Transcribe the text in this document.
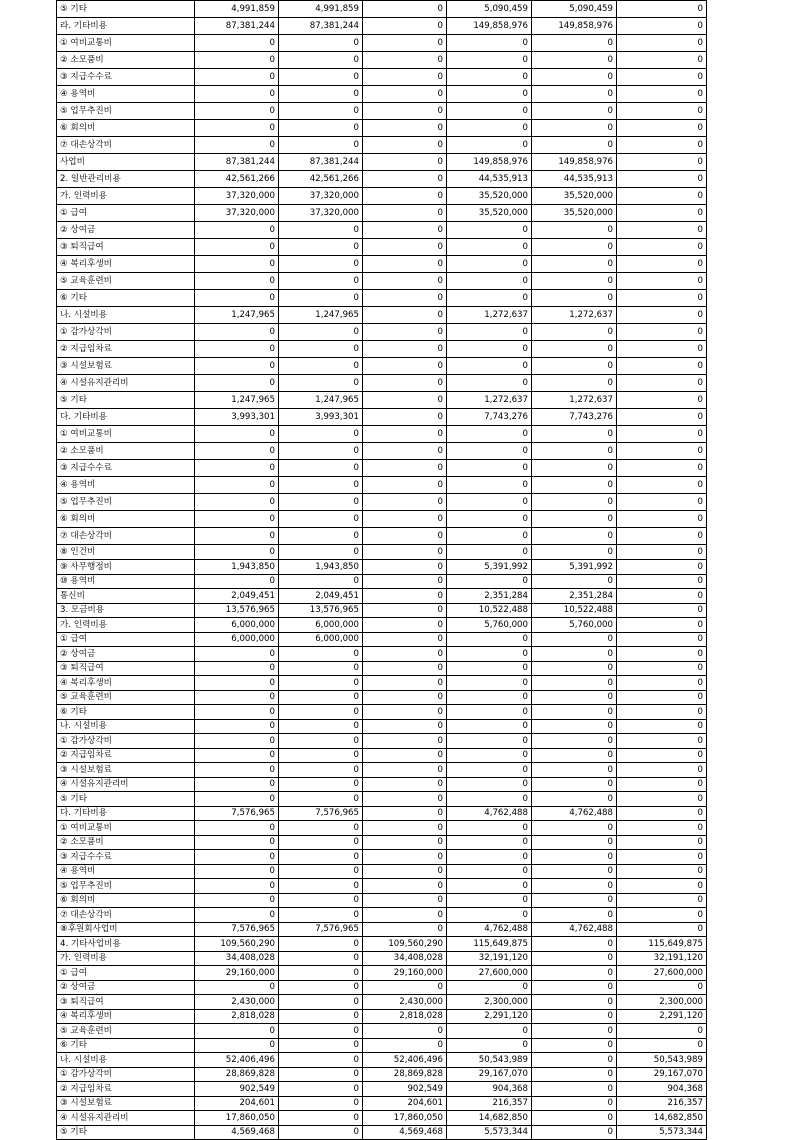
⑤ 기타	4,991,859	4,991,859	0	5,090,459	5,090,459	0
라. 기타비용	87,381,244	87,381,244	0	149,858,976	149,858,976	0
① 여비교통비	0	0	0	0	0	0
② 소모품비	0	0	0	0	0	0
③ 지급수수료	0	0	0	0	0	0
④ 용역비	0	0	0	0	0	0
⑤ 업무추진비	0	0	0	0	0	0
⑥ 회의비	0	0	0	0	0	0
⑦ 대손상각비	0	0	0	0	0	0
사업비	87,381,244	87,381,244	0	149,858,976	149,858,976	0
2. 일반관리비용	42,561,266	42,561,266	0	44,535,913	44,535,913	0
가. 인력비용	37,320,000	37,320,000	0	35,520,000	35,520,000	0
① 급여	37,320,000	37,320,000	0	35,520,000	35,520,000	0
② 상여금	0	0	0	0	0	0
③ 퇴직급여	0	0	0	0	0	0
④ 복리후생비	0	0	0	0	0	0
⑤ 교육훈련비	0	0	0	0	0	0
⑥ 기타	0	0	0	0	0	0
나. 시설비용	1,247,965	1,247,965	0	1,272,637	1,272,637	0
① 감가상각비	0	0	0	0	0	0
② 지급임차료	0	0	0	0	0	0
③ 시설보험료	0	0	0	0	0	0
④ 시설유지관리비	0	0	0	0	0	0
⑤ 기타	1,247,965	1,247,965	0	1,272,637	1,272,637	0
다. 기타비용	3,993,301	3,993,301	0	7,743,276	7,743,276	0
① 여비교통비	0	0	0	0	0	0
② 소모품비	0	0	0	0	0	0
③ 지급수수료	0	0	0	0	0	0
④ 용역비	0	0	0	0	0	0
⑤ 업무추진비	0	0	0	0	0	0
⑥ 회의비	0	0	0	0	0	0
⑦ 대손상각비	0	0	0	0	0	0
⑧ 인건비	0	0	0	0	0	0
⑨ 사무행정비	1,943,850	1,943,850	0	5,391,992	5,391,992	0
⑩ 용역비	0	0	0	0	0	0
통신비	2,049,451	2,049,451	0	2,351,284	2,351,284	0
3. 모금비용	13,576,965	13,576,965	0	10,522,488	10,522,488	0
가. 인력비용	6,000,000	6,000,000	0	5,760,000	5,760,000	0
① 급여	6,000,000	6,000,000	0	0	0	0
② 상여금	0	0	0	0	0	0
③ 퇴직급여	0	0	0	0	0	0
④ 복리후생비	0	0	0	0	0	0
⑤ 교육훈련비	0	0	0	0	0	0
⑥ 기타	0	0	0	0	0	0
나. 시설비용	0	0	0	0	0	0
① 감가상각비	0	0	0	0	0	0
② 지급임차료	0	0	0	0	0	0
③ 시설보험료	0	0	0	0	0	0
④ 시설유지관리비	0	0	0	0	0	0
⑤ 기타	0	0	0	0	0	0
다. 기타비용	7,576,965	7,576,965	0	4,762,488	4,762,488	0
① 여비교통비	0	0	0	0	0	0
② 소모품비	0	0	0	0	0	0
③ 지급수수료	0	0	0	0	0	0
④ 용역비	0	0	0	0	0	0
⑤ 업무추진비	0	0	0	0	0	0
⑥ 회의비	0	0	0	0	0	0
⑦ 대손상각비	0	0	0	0	0	0
⑧후원회사업비	7,576,965	7,576,965	0	4,762,488	4,762,488	0
4. 기타사업비용	109,560,290	0	109,560,290	115,649,875	0	115,649,875
가. 인력비용	34,408,028	0	34,408,028	32,191,120	0	32,191,120
① 급여	29,160,000	0	29,160,000	27,600,000	0	27,600,000
② 상여금	0	0	0	0	0	0
③ 퇴직급여	2,430,000	0	2,430,000	2,300,000	0	2,300,000
④ 복리후생비	2,818,028	0	2,818,028	2,291,120	0	2,291,120
⑤ 교육훈련비	0	0	0	0	0	0
⑥ 기타	0	0	0	0	0	0
나. 시설비용	52,406,496	0	52,406,496	50,543,989	0	50,543,989
① 감가상각비	28,869,828	0	28,869,828	29,167,070	0	29,167,070
② 지급임차료	902,549	0	902,549	904,368	0	904,368
③ 시설보험료	204,601	0	204,601	216,357	0	216,357
④ 시설유지관리비	17,860,050	0	17,860,050	14,682,850	0	14,682,850
⑤ 기타	4,569,468	0	4,569,468	5,573,344	0	5,573,344
